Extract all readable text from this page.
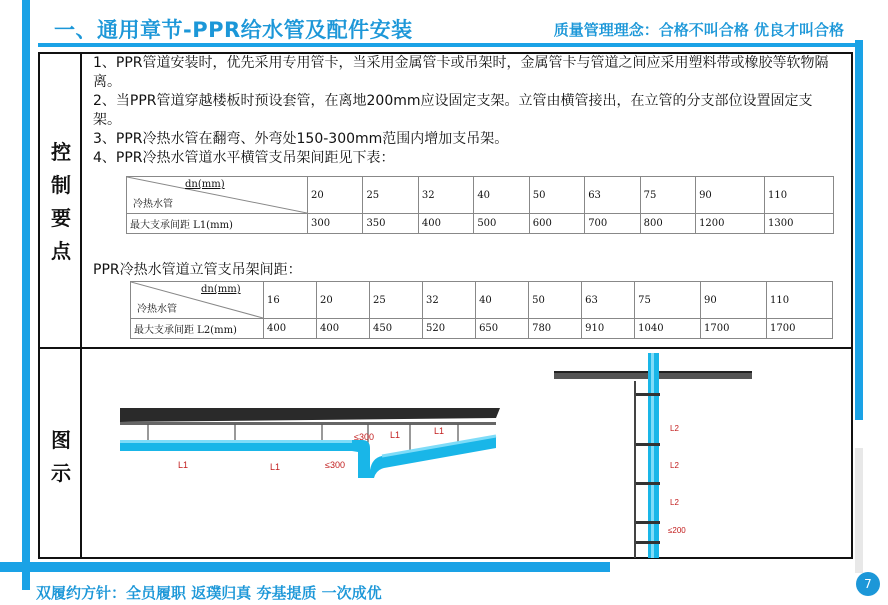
一、通用章节-PPR给水管及配件安装	质量管理理念：合格不叫合格 优良才叫合格
控
制
要
点
图
示

1、PPR管道安装时，优先采用专用管卡，当采用金属管卡或吊架时，金属管卡与管道之间应采用塑料带或橡胶等软物隔离。

2、当PPR管道穿越楼板时预设套管，在离地200mm应设固定支架。立管由横管接出，在立管的分支部位设置固定支架。

3、PPR冷热水管在翻弯、外弯处150-300mm范围内增加支吊架。

4、PPR冷热水管道水平横管支吊架间距见下表：

dn(mm)
冷热水管	20	25	32	40	50	63	75	90	110
最大支承间距 L1(mm)	300	350	400	500	600	700	800	1200	1300
PPR冷热水管道立管支吊架间距：
dn(mm)
冷热水管	16	20	25	32	40	50	63	75	90	110
最大支承间距 L2(mm)	400	400	450	520	650	780	910	1040	1700	1700
L1	L1
≤300 L1	L1
≤300
L2
L2
L2
≤200
双履约方针：全员履职 返璞归真 夯基提质 一次成优	7
